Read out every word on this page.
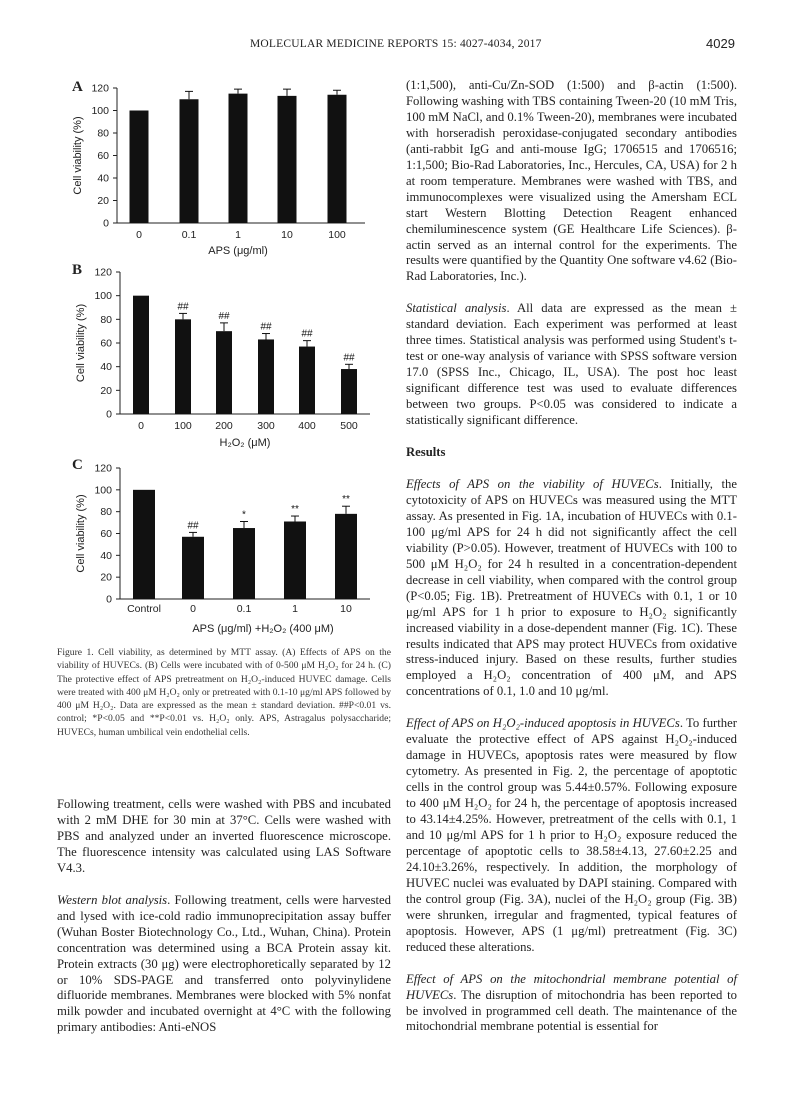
MOLECULAR MEDICINE REPORTS 15: 4027-4034, 2017	4029
A
0
20
40
60
80
100
120
Cell viability (%)
0	0.1	1	10	100
APS (μg/ml)
B
0
20
40
60
80
100
120
Cell viability (%)
0
##
100
##
200
##
300
##
400
##
500
H₂O₂ (μM)
C
0
20
40
60
80
100
120
Cell viability (%)
Control
##
0
*
0.1
**
1
**
10
APS (μg/ml) +H₂O₂ (400 μM)
Figure 1. Cell viability, as determined by MTT assay. (A) Effects of APS on the viability of HUVECs. (B) Cells were incubated with of 0-500 μM H₂O₂ for 24 h. (C) The protective effect of APS pretreatment on H₂O₂-induced HUVEC damage. Cells were treated with 400 μM H₂O₂ only or pretreated with 0.1-10 μg/ml APS followed by 400 μM H₂O₂. Data are expressed as the mean ± standard deviation. ##P<0.01 vs. control; *P<0.05 and **P<0.01 vs. H₂O₂ only. APS, Astragalus polysaccharide; HUVECs, human umbilical vein endothelial cells.

Following treatment, cells were washed with PBS and incubated with 2 mM DHE for 30 min at 37°C. Cells were washed with PBS and analyzed under an inverted fluorescence microscope. The fluorescence intensity was calculated using LAS Software V4.3.

Western blot analysis. Following treatment, cells were harvested and lysed with ice-cold radio immunoprecipitation assay buffer (Wuhan Boster Biotechnology Co., Ltd., Wuhan, China). Protein concentration was determined using a BCA Protein assay kit. Protein extracts (30 μg) were electrophoretically separated by 12 or 10% SDS-PAGE and transferred onto polyvinylidene difluoride membranes. Membranes were blocked with 5% nonfat milk powder and incubated overnight at 4°C with the following primary antibodies: Anti-eNOS

(1:1,500), anti-Cu/Zn-SOD (1:500) and β-actin (1:500). Following washing with TBS containing Tween-20 (10 mM Tris, 100 mM NaCl, and 0.1% Tween-20), membranes were incubated with horseradish peroxidase-conjugated secondary antibodies (anti-rabbit IgG and anti-mouse IgG; 1706515 and 1706516; 1:1,500; Bio-Rad Laboratories, Inc., Hercules, CA, USA) for 2 h at room temperature. Membranes were washed with TBS, and immunocomplexes were visualized using the Amersham ECL start Western Blotting Detection Reagent enhanced chemiluminescence system (GE Healthcare Life Sciences). β-actin served as an internal control for the experiments. The results were quantified by the Quantity One software v4.62 (Bio-Rad Laboratories, Inc.).

Statistical analysis. All data are expressed as the mean ± standard deviation. Each experiment was performed at least three times. Statistical analysis was performed using Student's t-test or one-way analysis of variance with SPSS software version 17.0 (SPSS Inc., Chicago, IL, USA). The post hoc least significant difference test was used to evaluate differences between two groups. P<0.05 was considered to indicate a statistically significant difference.

Results

Effects of APS on the viability of HUVECs. Initially, the cytotoxicity of APS on HUVECs was measured using the MTT assay. As presented in Fig. 1A, incubation of HUVECs with 0.1-100 μg/ml APS for 24 h did not significantly affect the cell viability (P>0.05). However, treatment of HUVECs with 100 to 500 μM H₂O₂ for 24 h resulted in a concentration-dependent decrease in cell viability, when compared with the control group (P<0.05; Fig. 1B). Pretreatment of HUVECs with 0.1, 1 or 10 μg/ml APS for 1 h prior to exposure to H₂O₂ significantly increased viability in a dose-dependent manner (Fig. 1C). These results indicated that APS may protect HUVECs from oxidative stress-induced injury. Based on these results, further studies employed a H₂O₂ concentration of 400 μM, and APS concentrations of 0.1, 1.0 and 10 μg/ml.

Effect of APS on H₂O₂-induced apoptosis in HUVECs. To further evaluate the protective effect of APS against H₂O₂-induced damage in HUVECs, apoptosis rates were measured by flow cytometry. As presented in Fig. 2, the percentage of apoptotic cells in the control group was 5.44±0.57%. Following exposure to 400 μM H₂O₂ for 24 h, the percentage of apoptosis increased to 43.14±4.25%. However, pretreatment of the cells with 0.1, 1 and 10 μg/ml APS for 1 h prior to H₂O₂ exposure reduced the percentage of apoptotic cells to 38.58±4.13, 27.60±2.25 and 24.10±3.26%, respectively. In addition, the morphology of HUVEC nuclei was evaluated by DAPI staining. Compared with the control group (Fig. 3A), nuclei of the H₂O₂ group (Fig. 3B) were shrunken, irregular and fragmented, typical features of apoptosis. However, APS (1 μg/ml) pretreatment (Fig. 3C) reduced these alterations.

Effect of APS on the mitochondrial membrane potential of HUVECs. The disruption of mitochondria has been reported to be involved in programmed cell death. The maintenance of the mitochondrial membrane potential is essential for
